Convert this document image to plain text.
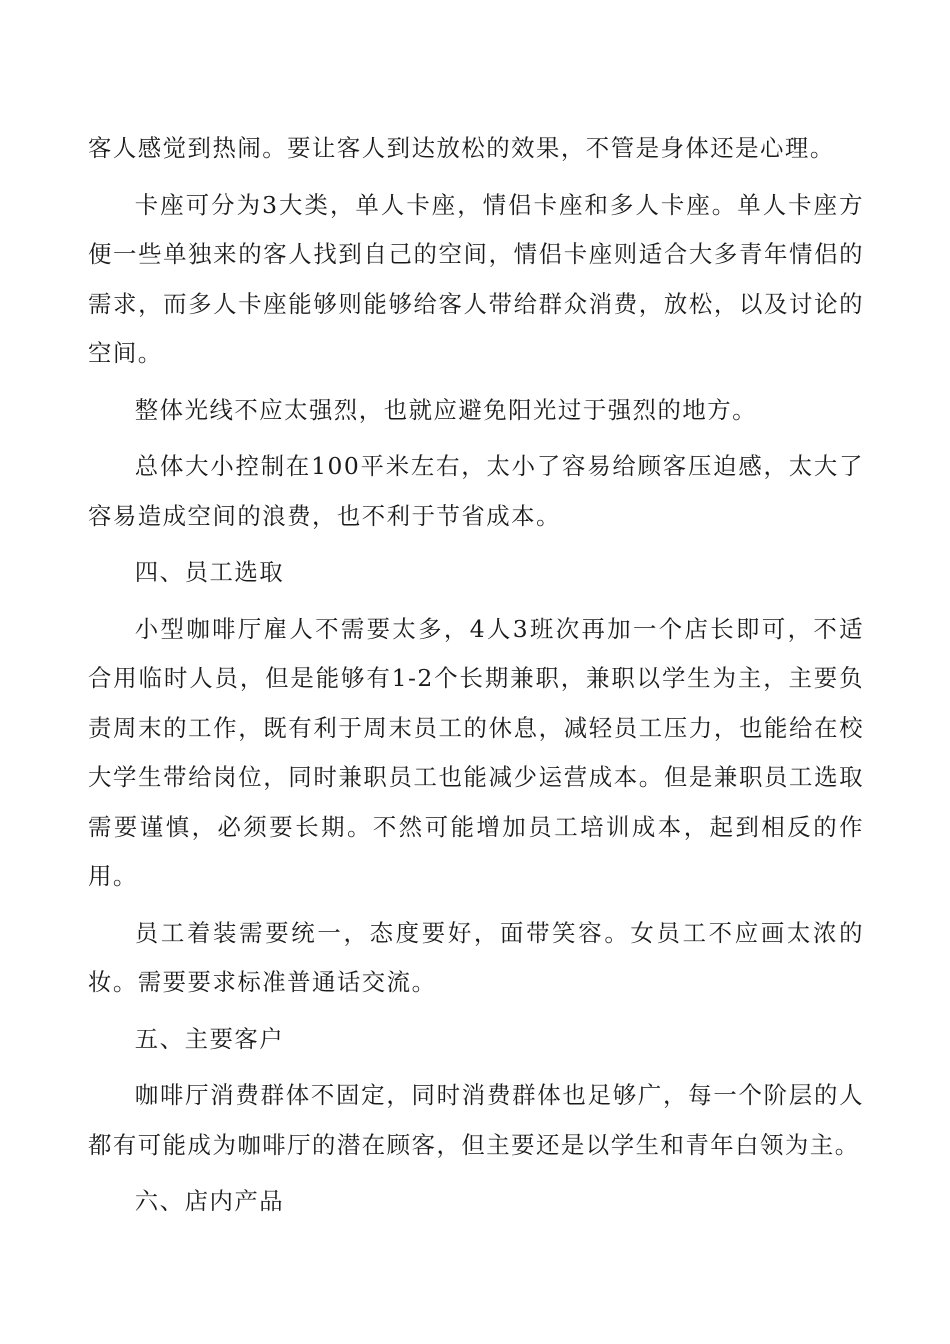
客人感觉到热闹。要让客人到达放松的效果，不管是身体还是心理。

卡座可分为3大类，单人卡座，情侣卡座和多人卡座。单人卡座方便一些单独来的客人找到自己的空间，情侣卡座则适合大多青年情侣的需求，而多人卡座能够则能够给客人带给群众消费，放松，以及讨论的空间。

整体光线不应太强烈，也就应避免阳光过于强烈的地方。

总体大小控制在100平米左右，太小了容易给顾客压迫感，太大了容易造成空间的浪费，也不利于节省成本。

四、员工选取

小型咖啡厅雇人不需要太多，4人3班次再加一个店长即可，不适合用临时人员，但是能够有1-2个长期兼职，兼职以学生为主，主要负责周末的工作，既有利于周末员工的休息，减轻员工压力，也能给在校大学生带给岗位，同时兼职员工也能减少运营成本。但是兼职员工选取需要谨慎，必须要长期。不然可能增加员工培训成本，起到相反的作用。

员工着装需要统一，态度要好，面带笑容。女员工不应画太浓的妆。需要要求标准普通话交流。

五、主要客户

咖啡厅消费群体不固定，同时消费群体也足够广，每一个阶层的人都有可能成为咖啡厅的潜在顾客，但主要还是以学生和青年白领为主。

六、店内产品
